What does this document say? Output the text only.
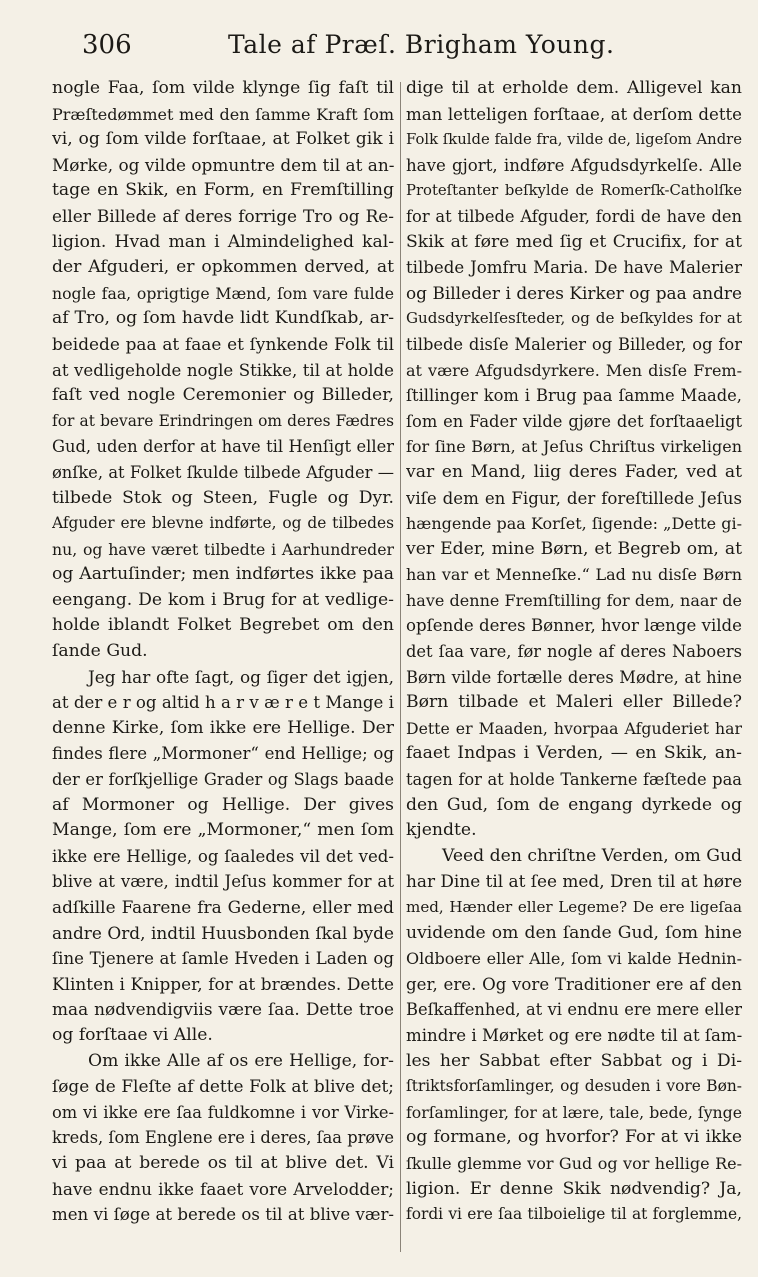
306	Tale af Præſ. Brigham Young.
nogle Faa, ſom vilde klynge ſig faſt til
Præſtedømmet med den ſamme Kraft ſom
vi, og ſom vilde forſtaae, at Folket gik i
Mørke, og vilde opmuntre dem til at an-
tage en Skik, en Form, en Fremſtilling
eller Billede af deres forrige Tro og Re-
ligion. Hvad man i Almindelighed kal-
der Afguderi, er opkommen derved, at
nogle faa, oprigtige Mænd, ſom vare fulde
af Tro, og ſom havde lidt Kundſkab, ar-
beidede paa at faae et ſynkende Folk til
at vedligeholde nogle Stikke, til at holde
faſt ved nogle Ceremonier og Billeder,
for at bevare Erindringen om deres Fædres
Gud, uden derfor at have til Henſigt eller
ønſke, at Folket ſkulde tilbede Afguder —
tilbede Stok og Steen, Fugle og Dyr.
Afguder ere blevne indførte, og de tilbedes
nu, og have været tilbedte i Aarhundreder
og Aartuſinder; men indførtes ikke paa
eengang. De kom i Brug for at vedlige-
holde iblandt Folket Begrebet om den
ſande Gud.
Jeg har ofte ſagt, og ſiger det igjen,
at der e r og altid h a r v æ r e t Mange i
denne Kirke, ſom ikke ere Hellige. Der
findes flere „Mormoner“ end Hellige; og
der er forſkjellige Grader og Slags baade
af Mormoner og Hellige. Der gives
Mange, ſom ere „Mormoner,“ men ſom
ikke ere Hellige, og ſaaledes vil det ved-
blive at være, indtil Jeſus kommer for at
adſkille Faarene fra Gederne, eller med
andre Ord, indtil Huusbonden ſkal byde
ſine Tjenere at ſamle Hveden i Laden og
Klinten i Knipper, for at brændes. Dette
maa nødvendigviis være ſaa. Dette troe
og forſtaae vi Alle.
Om ikke Alle af os ere Hellige, for-
ſøge de Fleſte af dette Folk at blive det;
om vi ikke ere ſaa fuldkomne i vor Virke-
kreds, ſom Englene ere i deres, ſaa prøve
vi paa at berede os til at blive det. Vi
have endnu ikke faaet vore Arvelodder;
men vi ſøge at berede os til at blive vær-
dige til at erholde dem. Alligevel kan
man letteligen forſtaae, at derſom dette
Folk ſkulde falde fra, vilde de, ligeſom Andre
have gjort, indføre Afgudsdyrkelſe. Alle
Proteſtanter beſkylde de Romerſk-Catholſke
for at tilbede Afguder, fordi de have den
Skik at føre med ſig et Crucifix, for at
tilbede Jomfru Maria. De have Malerier
og Billeder i deres Kirker og paa andre
Gudsdyrkelſesſteder, og de beſkyldes for at
tilbede disſe Malerier og Billeder, og for
at være Afgudsdyrkere. Men disſe Frem-
ſtillinger kom i Brug paa ſamme Maade,
ſom en Fader vilde gjøre det forſtaaeligt
for ſine Børn, at Jeſus Chriſtus virkeligen
var en Mand, liig deres Fader, ved at
viſe dem en Figur, der foreſtillede Jeſus
hængende paa Korſet, ſigende: „Dette gi-
ver Eder, mine Børn, et Begreb om, at
han var et Menneſke.“ Lad nu disſe Børn
have denne Fremſtilling for dem, naar de
opſende deres Bønner, hvor længe vilde
det ſaa vare, før nogle af deres Naboers
Børn vilde fortælle deres Mødre, at hine
Børn tilbade et Maleri eller Billede?
Dette er Maaden, hvorpaa Afguderiet har
faaet Indpas i Verden, — en Skik, an-
tagen for at holde Tankerne fæſtede paa
den Gud, ſom de engang dyrkede og
kjendte.
Veed den chriſtne Verden, om Gud
har Dine til at ſee med, Dren til at høre
med, Hænder eller Legeme? De ere ligeſaa
uvidende om den ſande Gud, ſom hine
Oldboere eller Alle, ſom vi kalde Hednin-
ger, ere. Og vore Traditioner ere af den
Beſkaffenhed, at vi endnu ere mere eller
mindre i Mørket og ere nødte til at ſam-
les her Sabbat efter Sabbat og i Di-
ſtriktsforſamlinger, og desuden i vore Bøn-
forſamlinger, for at lære, tale, bede, ſynge
og formane, og hvorfor? For at vi ikke
ſkulle glemme vor Gud og vor hellige Re-
ligion. Er denne Skik nødvendig? Ja,
fordi vi ere ſaa tilboielige til at forglemme,
